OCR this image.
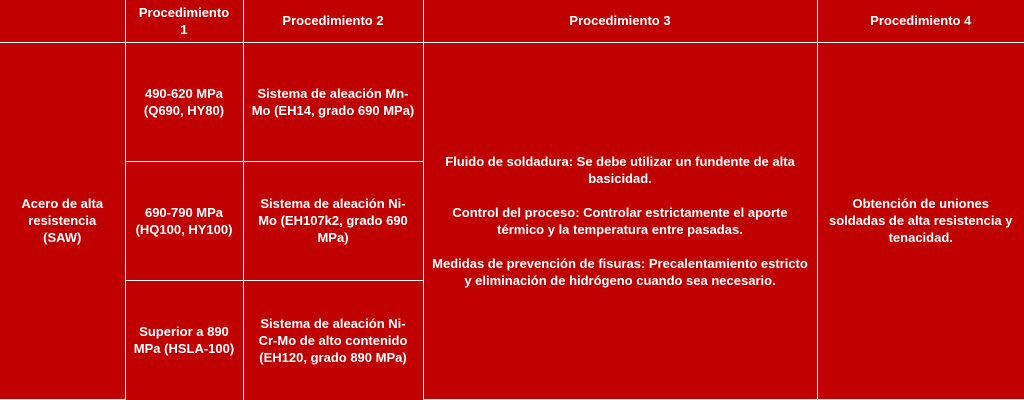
	Procedimiento 1	Procedimiento 2	Procedimiento 3	Procedimiento 4
Acero de alta resistencia (SAW)	490-620 MPa (Q690, HY80)	Sistema de aleación Mn-Mo (EH14, grado 690 MPa)	Fluido de soldadura: Se debe utilizar un fundente de alta basicidad.
Control del proceso: Controlar estrictamente el aporte térmico y la temperatura entre pasadas.
Medidas de prevención de fisuras: Precalentamiento estricto y eliminación de hidrógeno cuando sea necesario.	Obtención de uniones soldadas de alta resistencia y tenacidad.
	690-790 MPa (HQ100, HY100)	Sistema de aleación Ni-Mo (EH107k2, grado 690 MPa)		
	Superior a 890 MPa (HSLA-100)	Sistema de aleación Ni-Cr-Mo de alto contenido (EH120, grado 890 MPa)		
